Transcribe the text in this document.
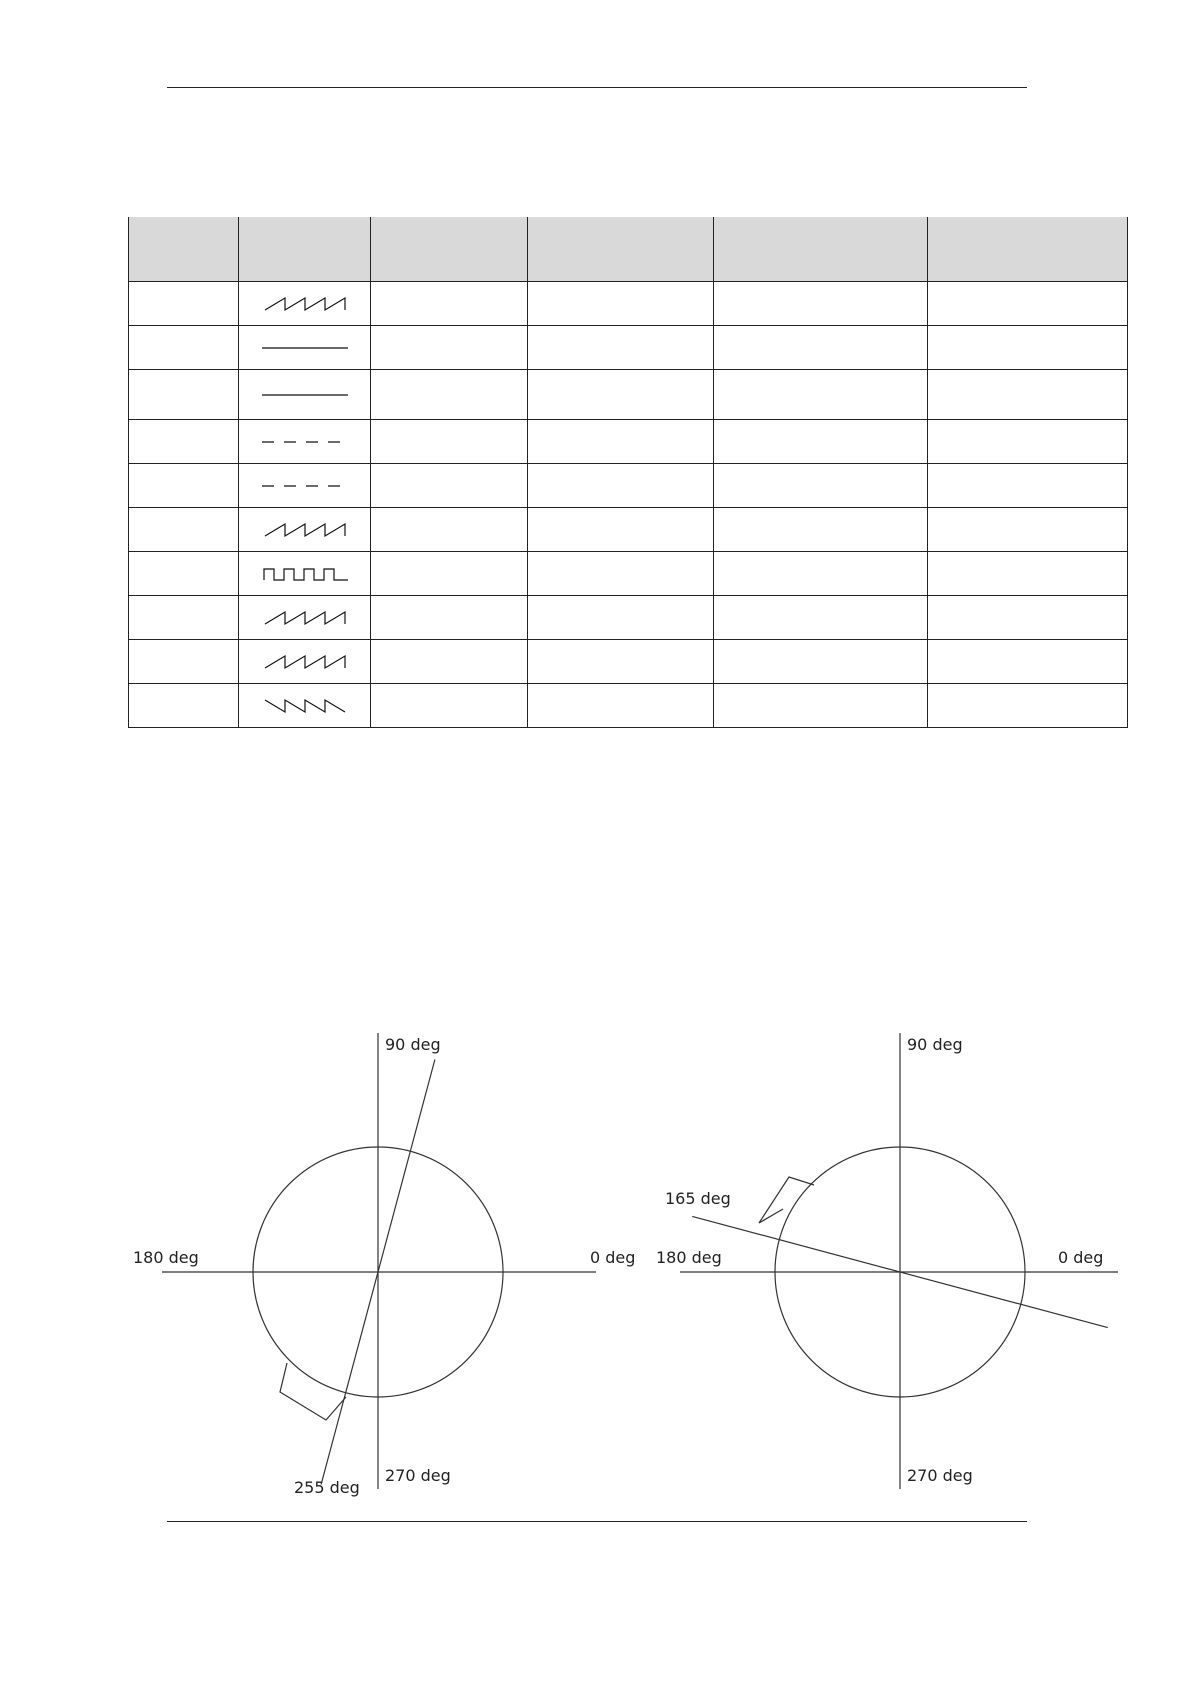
90 deg
180 deg	0 deg
270 deg
255 deg
90 deg
180 deg	0 deg
270 deg
165 deg
